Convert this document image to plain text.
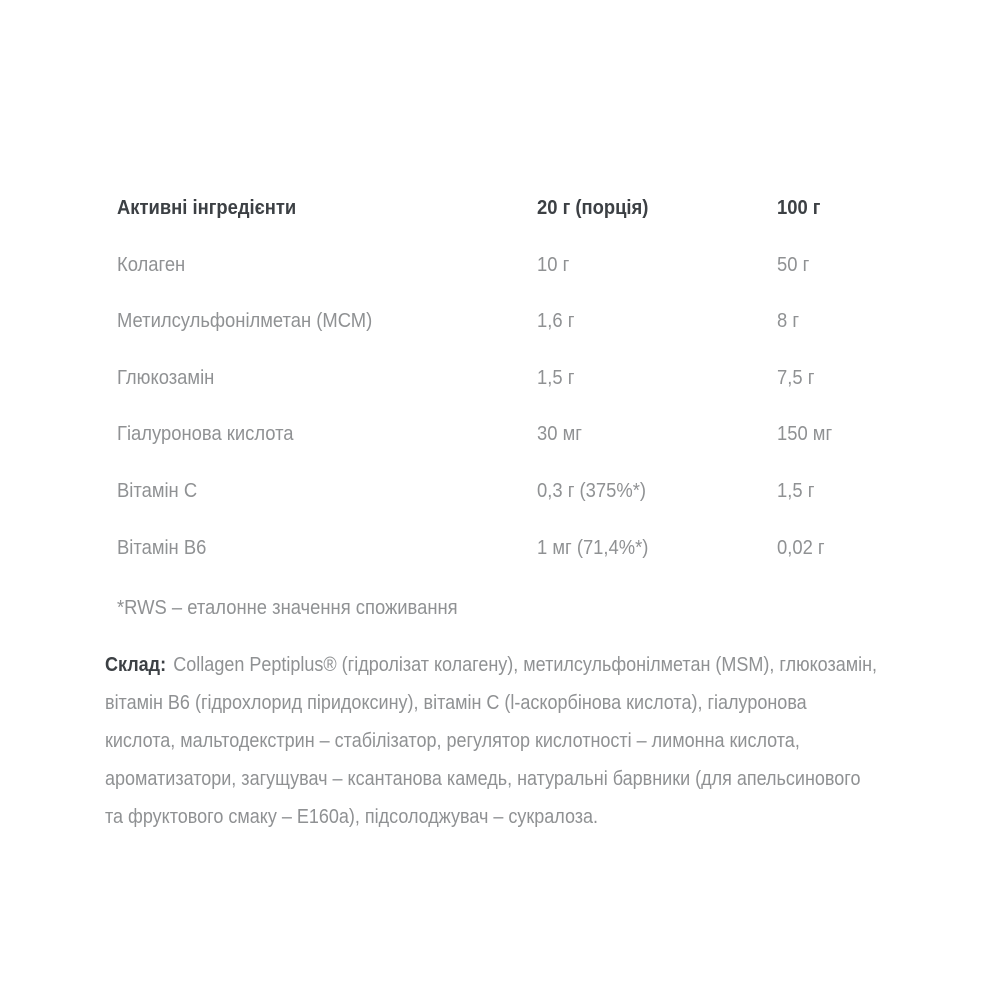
Активні інгредієнти	20 г (порція)	100 г
Колаген	10 г	50 г
Метилсульфонілметан (МСМ)	1,6 г	8 г
Глюкозамін	1,5 г	7,5 г
Гіалуронова кислота	30 мг	150 мг
Вітамін C	0,3 г (375%*)	1,5 г
Вітамін B6	1 мг (71,4%*)	0,02 г
*RWS – еталонне значення споживання

Склад: Collagen Peptiplus® (гідролізат колагену), метилсульфонілметан (MSM), глюкозамін, вітамін B6 (гідрохлорид піридоксину), вітамін C (l-аскорбінова кислота), гіалуронова кислота, мальтодекстрин – стабілізатор, регулятор кислотності – лимонна кислота, ароматизатори, загущувач – ксантанова камедь, натуральні барвники (для апельсинового та фруктового смаку – E160a), підсолоджувач – сукралоза.
